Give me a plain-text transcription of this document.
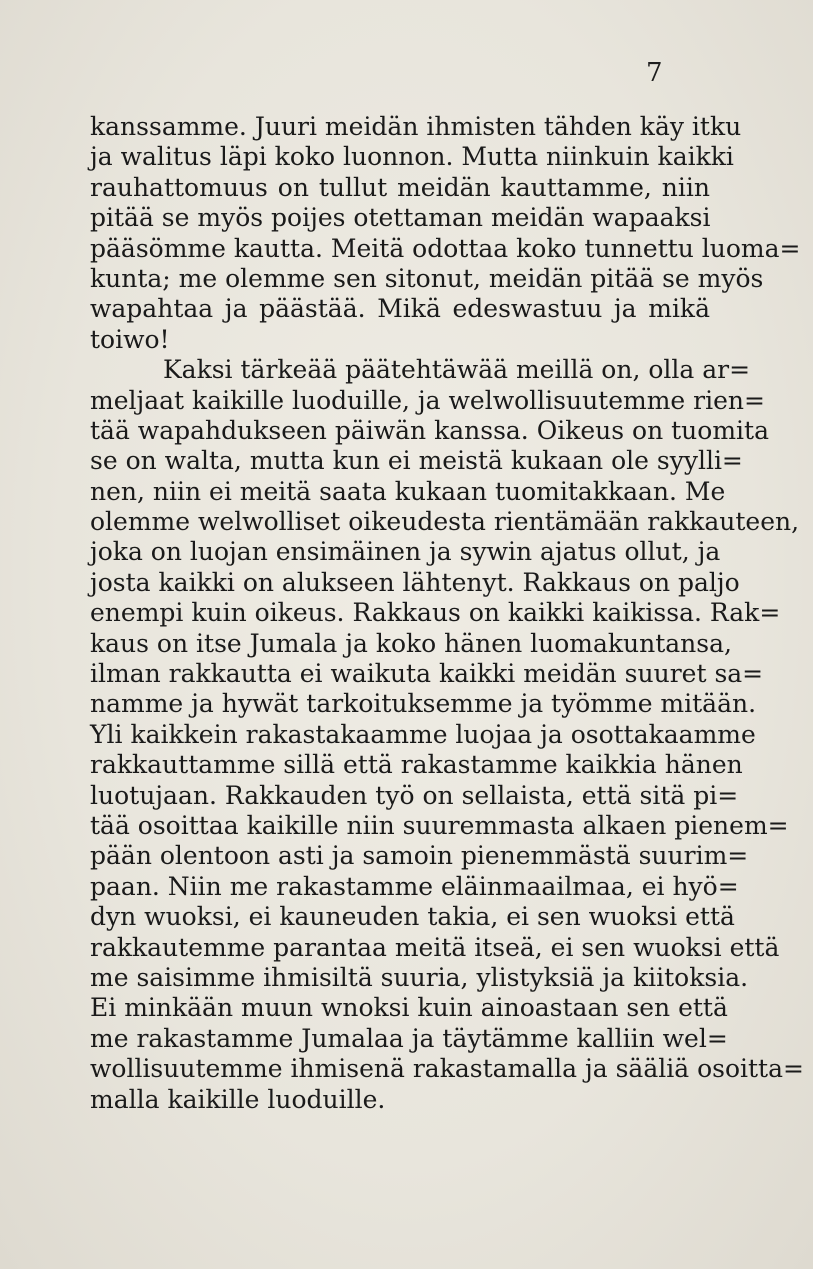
7
kanssamme. Juuri meidän ihmisten tähden käy itku
ja walitus läpi koko luonnon. Mutta niinkuin kaikki
rauhattomuus on tullut meidän kauttamme, niin
pitää se myös poijes otettaman meidän wapaaksi
pääsömme kautta. Meitä odottaa koko tunnettu luoma=
kunta; me olemme sen sitonut, meidän pitää se myös
wapahtaa ja päästää. Mikä edeswastuu ja mikä
toiwo!
Kaksi tärkeää päätehtäwää meillä on, olla ar=
meljaat kaikille luoduille, ja welwollisuutemme rien=
tää wapahdukseen päiwän kanssa. Oikeus on tuomita
se on walta, mutta kun ei meistä kukaan ole syylli=
nen, niin ei meitä saata kukaan tuomitakkaan. Me
olemme welwolliset oikeudesta rientämään rakkauteen,
joka on luojan ensimäinen ja sywin ajatus ollut, ja
josta kaikki on alukseen lähtenyt. Rakkaus on paljo
enempi kuin oikeus. Rakkaus on kaikki kaikissa. Rak=
kaus on itse Jumala ja koko hänen luomakuntansa,
ilman rakkautta ei waikuta kaikki meidän suuret sa=
namme ja hywät tarkoituksemme ja työmme mitään.
Yli kaikkein rakastakaamme luojaa ja osottakaamme
rakkauttamme sillä että rakastamme kaikkia hänen
luotujaan. Rakkauden työ on sellaista, että sitä pi=
tää osoittaa kaikille niin suuremmasta alkaen pienem=
pään olentoon asti ja samoin pienemmästä suurim=
paan. Niin me rakastamme eläinmaailmaa, ei hyö=
dyn wuoksi, ei kauneuden takia, ei sen wuoksi että
rakkautemme parantaa meitä itseä, ei sen wuoksi että
me saisimme ihmisiltä suuria, ylistyksiä ja kiitoksia.
Ei minkään muun wnoksi kuin ainoastaan sen että
me rakastamme Jumalaa ja täytämme kalliin wel=
wollisuutemme ihmisenä rakastamalla ja sääliä osoitta=
malla kaikille luoduille.
